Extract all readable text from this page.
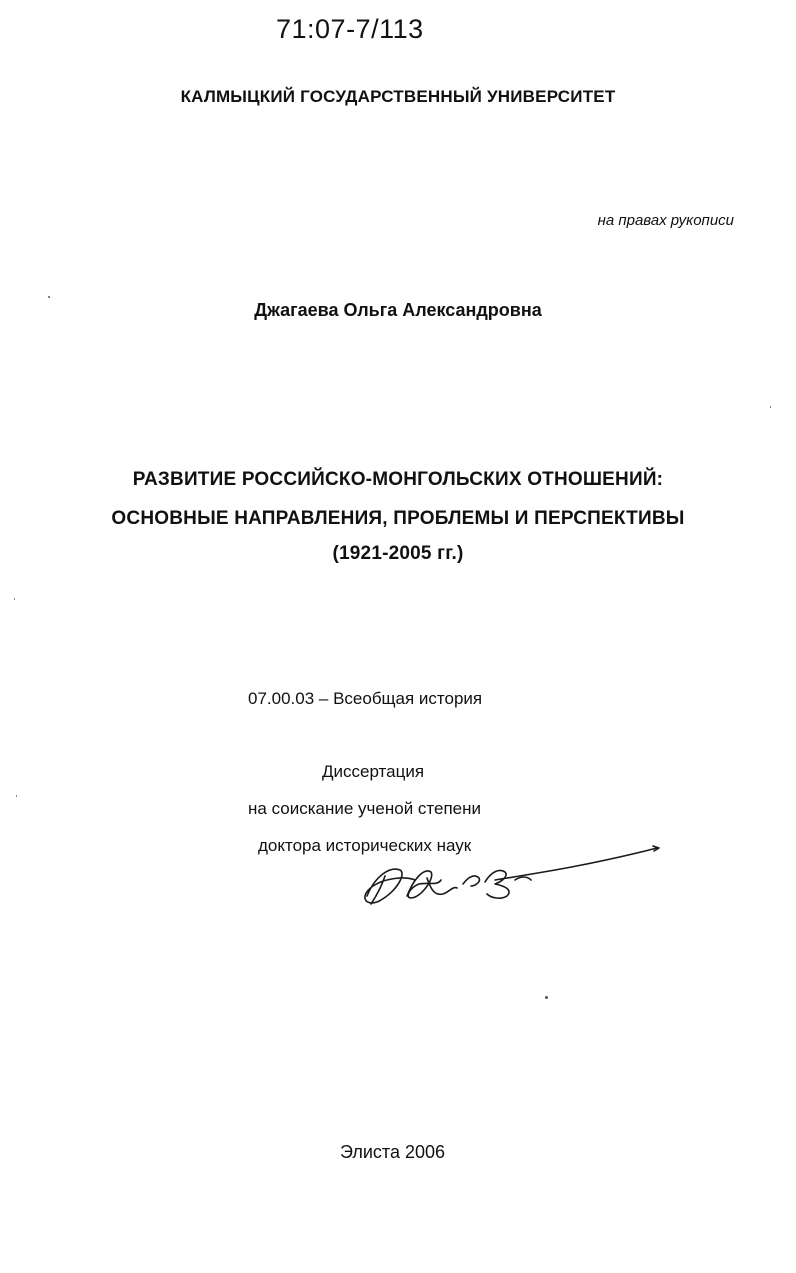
71:07-7/113

КАЛМЫЦКИЙ ГОСУДАРСТВЕННЫЙ УНИВЕРСИТЕТ

на правах рукописи

Джагаева Ольга Александровна

РАЗВИТИЕ РОССИЙСКО-МОНГОЛЬСКИХ ОТНОШЕНИЙ:

ОСНОВНЫЕ НАПРАВЛЕНИЯ, ПРОБЛЕМЫ И ПЕРСПЕКТИВЫ

(1921-2005 гг.)

07.00.03 – Всеобщая история

Диссертация

на соискание ученой степени

доктора исторических наук

Элиста 2006
